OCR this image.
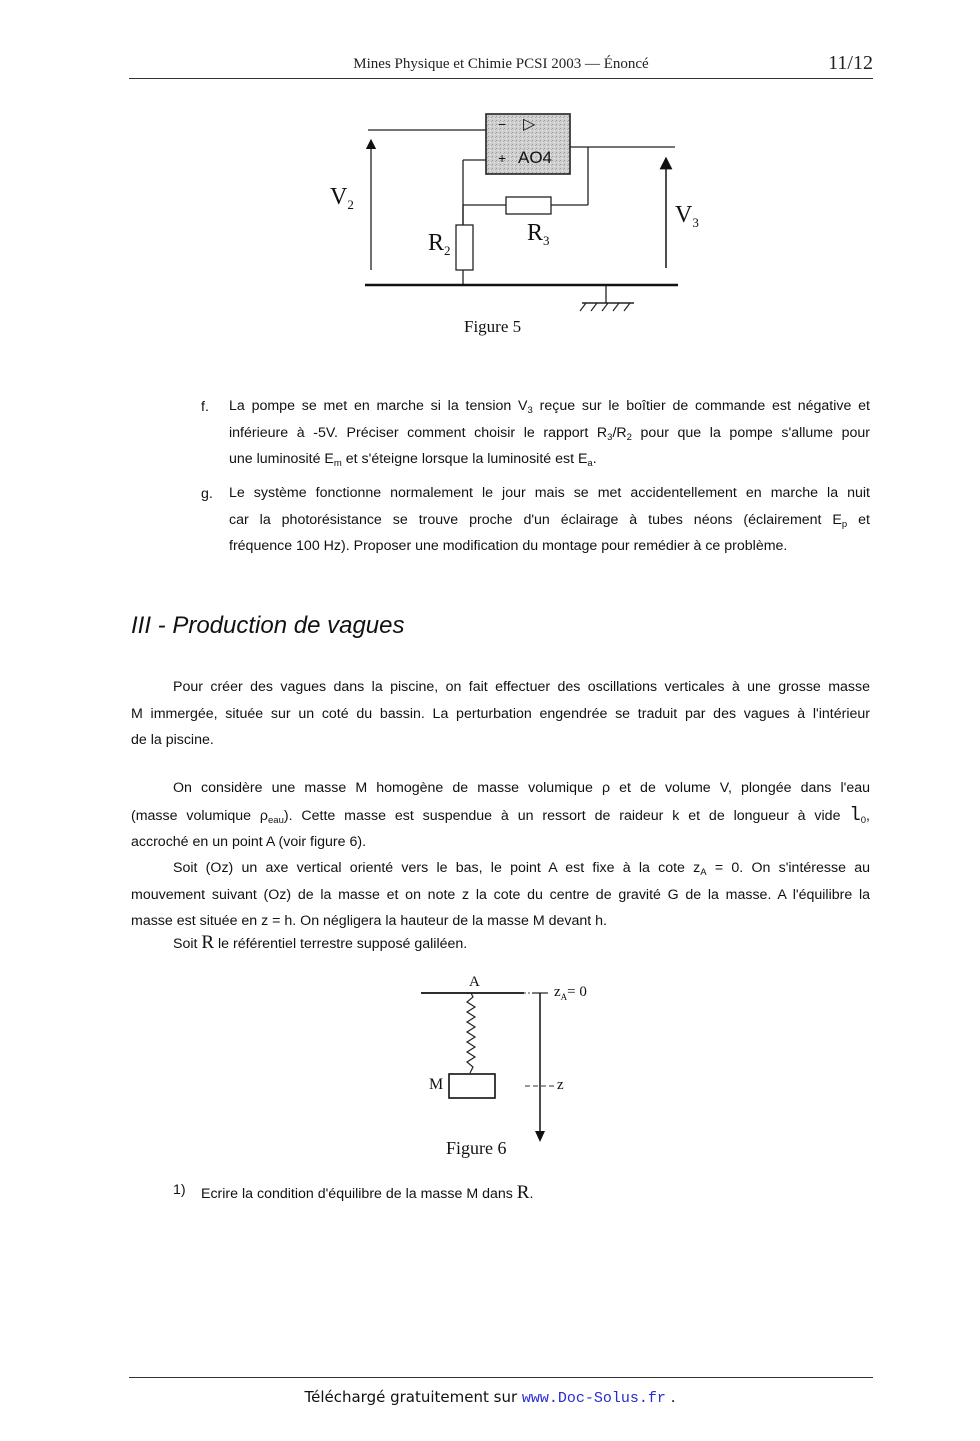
Mines Physique et Chimie PCSI 2003 — Énoncé	11/12
− ▷
+ AO4
$V_2$	$V_3$
$R_2$
$R_3$
Figure 5
f. La pompe se met en marche si la tension $V_3$ reçue sur le boîtier de commande est négative et
inférieure à -5V. Préciser comment choisir le rapport $R_3/R_2$ pour que la pompe s'allume pour
une luminosité $E_m$ et s'éteigne lorsque la luminosité est $E_a$.
g. Le système fonctionne normalement le jour mais se met accidentellement en marche la nuit
car la photorésistance se trouve proche d'un éclairage à tubes néons (éclairement $E_p$ et
fréquence 100 Hz). Proposer une modification du montage pour remédier à ce problème.
III - Production de vagues
Pour créer des vagues dans la piscine, on fait effectuer des oscillations verticales à une grosse masse
M immergée, située sur un coté du bassin. La perturbation engendrée se traduit par des vagues à l'intérieur
de la piscine.
On considère une masse M homogène de masse volumique ρ et de volume V, plongée dans l'eau
(masse volumique $\rho_{eau}$). Cette masse est suspendue à un ressort de raideur k et de longueur à vide $l_0$,
accroché en un point A (voir figure 6).
Soit (Oz) un axe vertical orienté vers le bas, le point A est fixe à la cote $z_A = 0$. On s'intéresse au
mouvement suivant (Oz) de la masse et on note z la cote du centre de gravité G de la masse. A l'équilibre la
masse est située en z = h. On négligera la hauteur de la masse M devant h.
Soit R le référentiel terrestre supposé galiléen.
A
$z_A= 0$
M	z
Figure 6
1) Ecrire la condition d'équilibre de la masse M dans R.
Téléchargé gratuitement sur www.Doc-Solus.fr .
